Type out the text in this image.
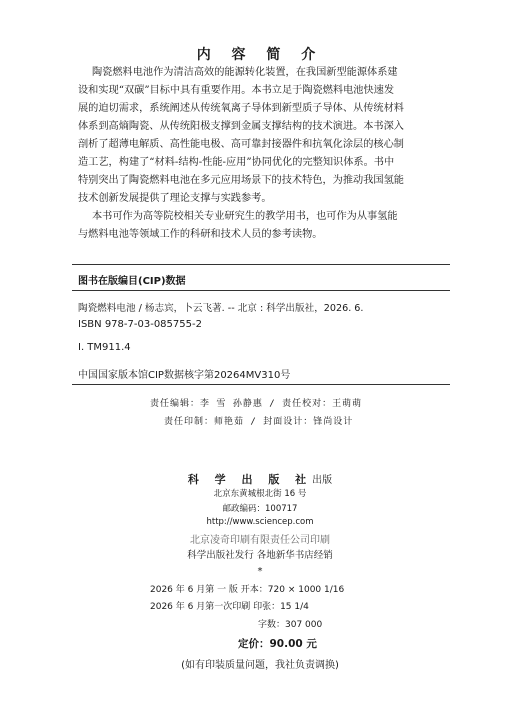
内 容 简 介
陶瓷燃料电池作为清洁高效的能源转化装置，在我国新型能源体系建
设和实现“双碳”目标中具有重要作用。本书立足于陶瓷燃料电池快速发
展的迫切需求，系统阐述从传统氧离子导体到新型质子导体、从传统材料
体系到高熵陶瓷、从传统阳极支撑到金属支撑结构的技术演进。本书深入
剖析了超薄电解质、高性能电极、高可靠封接器件和抗氧化涂层的核心制
造工艺，构建了“材料-结构-性能-应用”协同优化的完整知识体系。书中
特别突出了陶瓷燃料电池在多元应用场景下的技术特色，为推动我国氢能
技术创新发展提供了理论支撑与实践参考。
本书可作为高等院校相关专业研究生的教学用书，也可作为从事氢能
与燃料电池等领域工作的科研和技术人员的参考读物。
图书在版编目(CIP)数据
陶瓷燃料电池 / 杨志宾，卜云飞著. -- 北京 : 科学出版社，2026. 6.
ISBN 978-7-03-085755-2
Ⅰ. TM911.4
中国国家版本馆CIP数据核字第20264MV310号
责任编辑：李 雪 孙静惠 / 责任校对：王萌萌
责任印制：师艳茹 / 封面设计：锋尚设计
科 学 出 版 社出版
北京东黄城根北街 16 号
邮政编码：100717
http://www.sciencep.com
北京凌奇印刷有限责任公司印刷
科学出版社发行 各地新华书店经销
*
2026 年 6 月第 一 版 开本：720 × 1000 1/16
2026 年 6 月第一次印刷 印张：15 1/4
字数：307 000
定价：90.00 元
(如有印装质量问题，我社负责调换)
